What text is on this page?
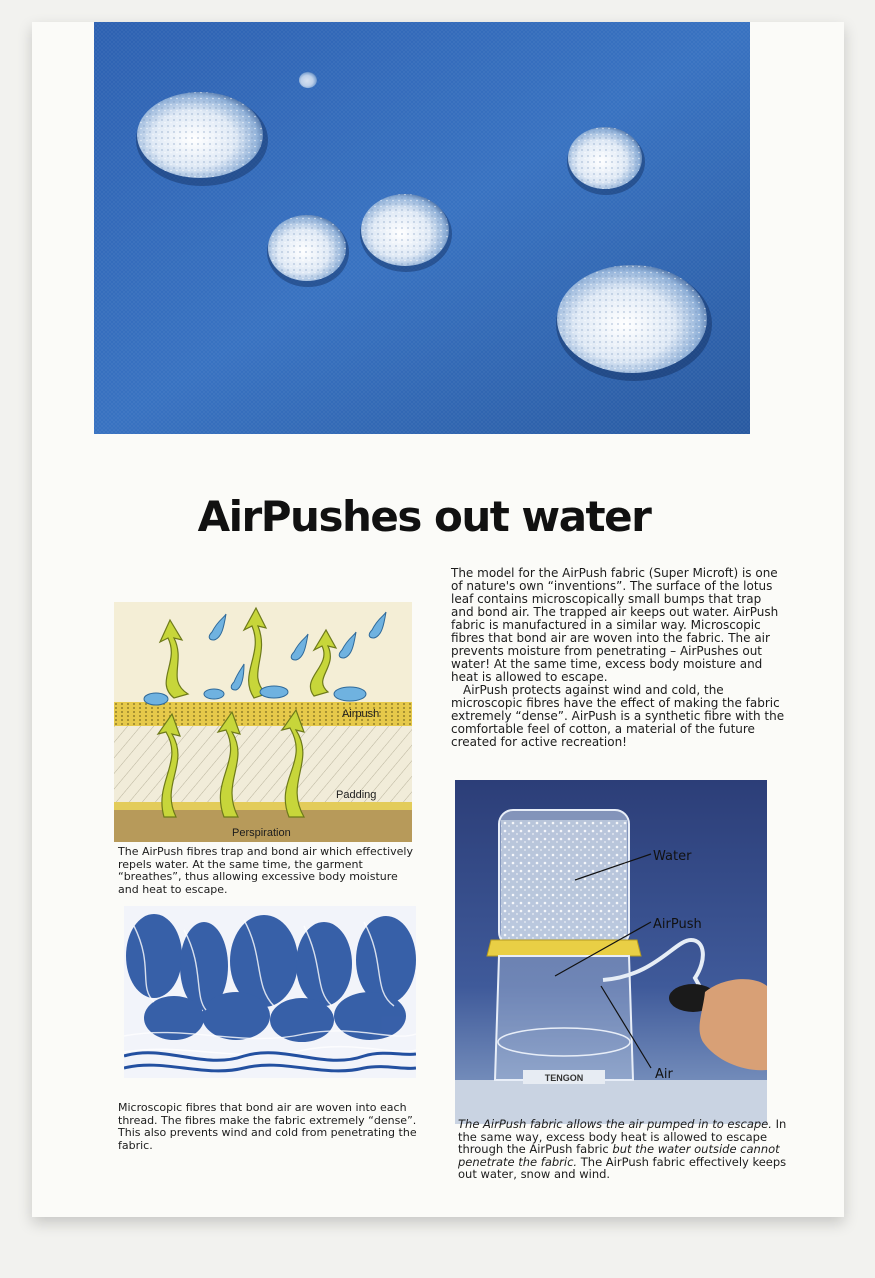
AirPushes out water

The model for the AirPush fabric (Super Microft) is one of nature's own “inventions”. The surface of the lotus leaf contains microscopically small bumps that trap and bond air. The trapped air keeps out water. AirPush fabric is manufactured in a similar way. Microscopic fibres that bond air are woven into the fabric. The air prevents moisture from penetrating – AirPushes out water! At the same time, excess body moisture and heat is allowed to escape.

AirPush protects against wind and cold, the microscopic fibres have the effect of making the fabric extremely “dense”. AirPush is a synthetic fibre with the comfortable feel of cotton, a material of the future created for active recreation!

Airpush
Padding
Perspiration
The AirPush fibres trap and bond air which effectively repels water. At the same time, the garment “breathes”, thus allowing excessive body moisture and heat to escape.
Microscopic fibres that bond air are woven into each thread. The fibres make the fabric extremely “dense”. This also prevents wind and cold from penetrating the fabric.
TENGON
Water
AirPush
Air
The AirPush fabric allows the air pumped in to escape. In the same way, excess body heat is allowed to escape through the AirPush fabric but the water outside cannot penetrate the fabric. The AirPush fabric effectively keeps out water, snow and wind.
